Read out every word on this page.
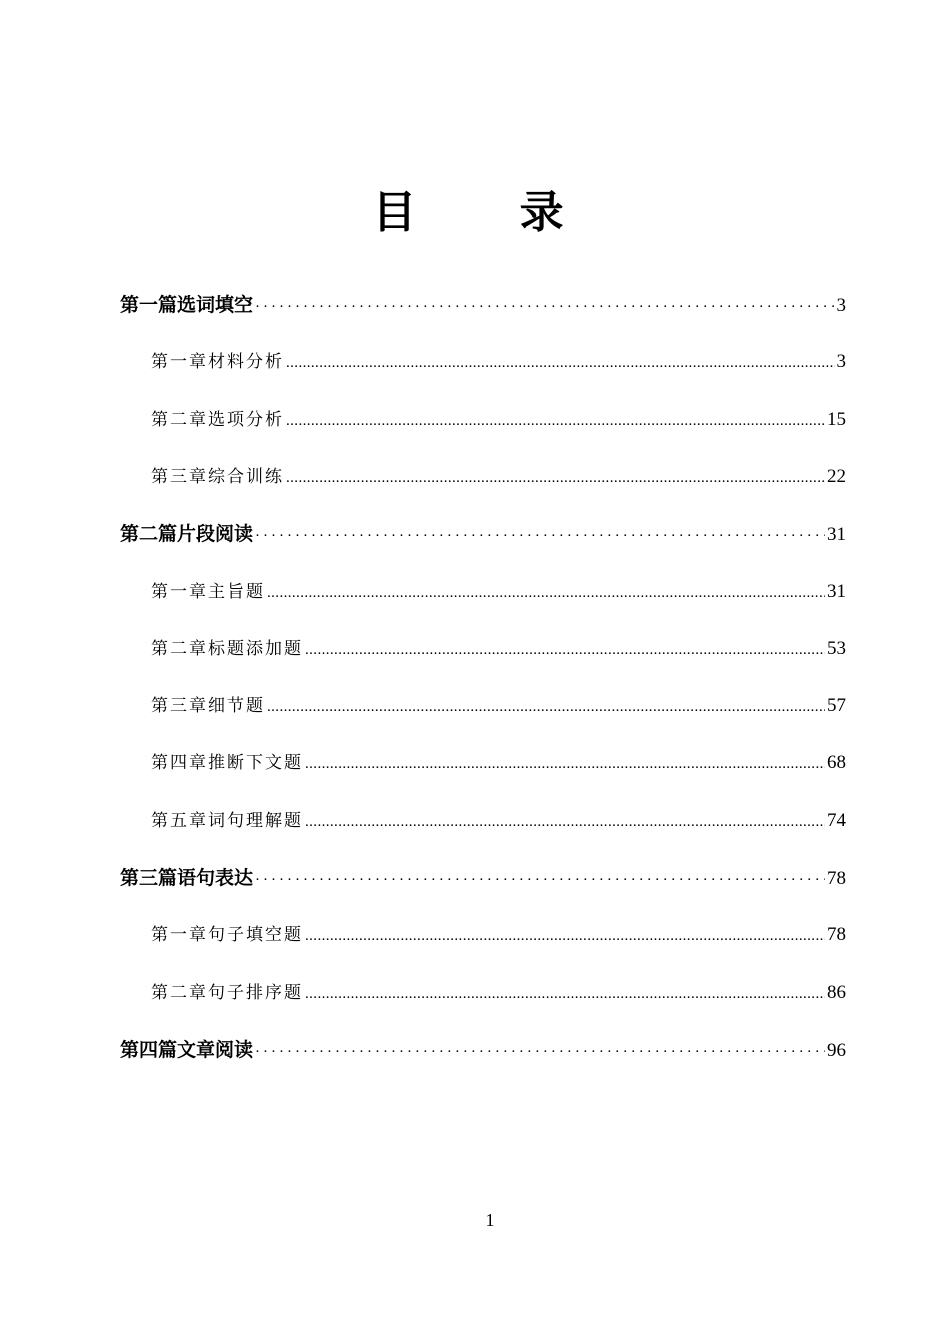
目 录
第一篇 选词填空 ·····	3
第一章 材料分析 .....	3
第二章 选项分析 .....	15
第三章 综合训练 .....	22
第二篇 片段阅读 ·····	31
第一章 主旨题 .....	31
第二章 标题添加题 .....	53
第三章 细节题 .....	57
第四章 推断下文题 .....	68
第五章 词句理解题 .....	74
第三篇 语句表达 ·····	78
第一章 句子填空题 .....	78
第二章 句子排序题 .....	86
第四篇 文章阅读 ·····	96
1
